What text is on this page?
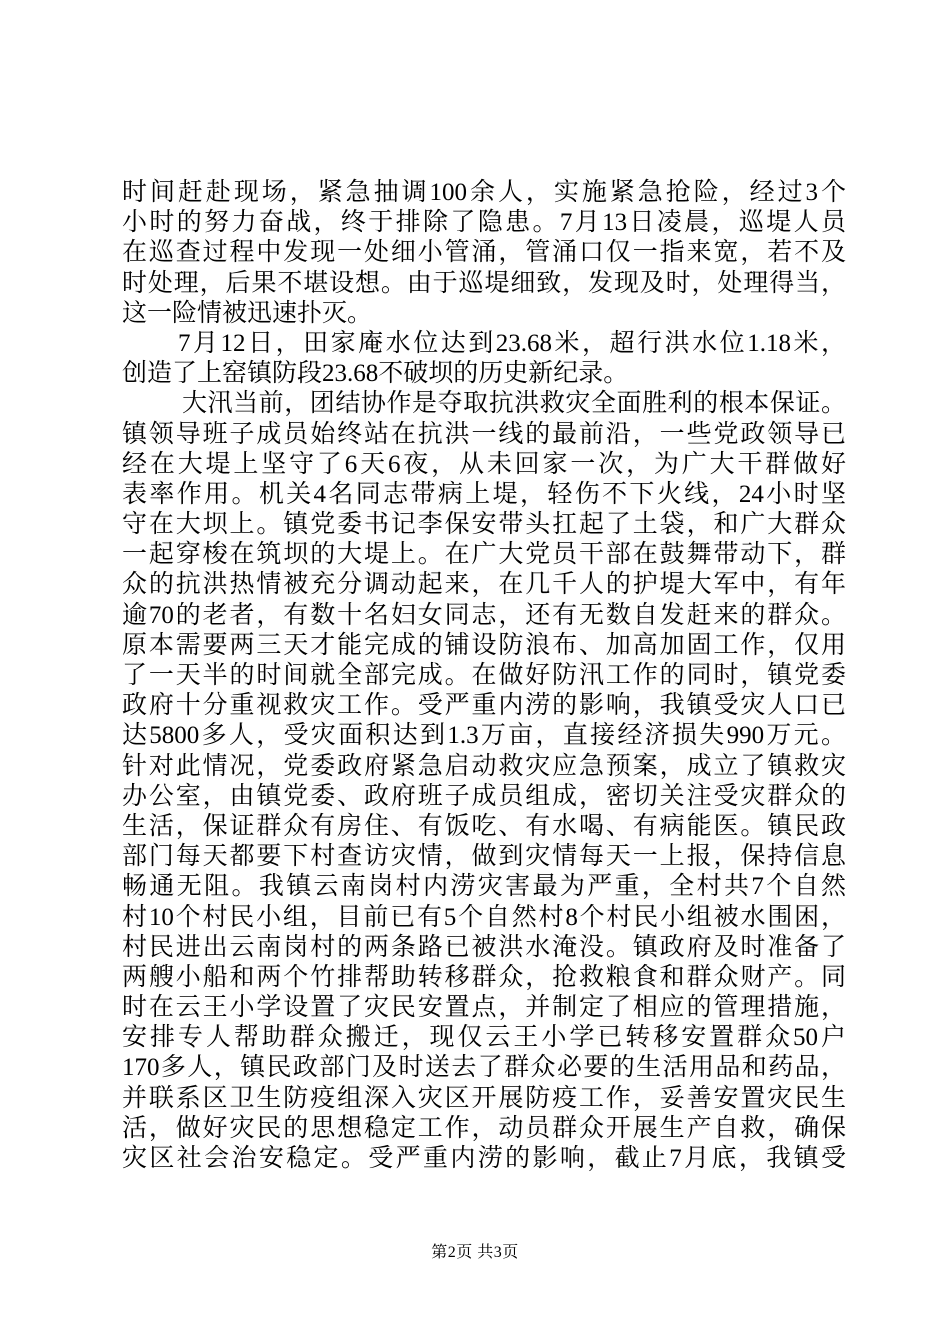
时间赶赴现场，紧急抽调100余人，实施紧急抢险，经过3个
小时的努力奋战，终于排除了隐患。7月13日凌晨，巡堤人员
在巡查过程中发现一处细小管涌，管涌口仅一指来宽，若不及
时处理，后果不堪设想。由于巡堤细致，发现及时，处理得当，
这一险情被迅速扑灭。
7月12日，田家庵水位达到23.68米，超行洪水位1.18米，
创造了上窑镇防段23.68不破坝的历史新纪录。
大汛当前，团结协作是夺取抗洪救灾全面胜利的根本保证。
镇领导班子成员始终站在抗洪一线的最前沿，一些党政领导已
经在大堤上坚守了6天6夜，从未回家一次，为广大干群做好
表率作用。机关4名同志带病上堤，轻伤不下火线，24小时坚
守在大坝上。镇党委书记李保安带头扛起了土袋，和广大群众
一起穿梭在筑坝的大堤上。在广大党员干部在鼓舞带动下，群
众的抗洪热情被充分调动起来，在几千人的护堤大军中，有年
逾70的老者，有数十名妇女同志，还有无数自发赶来的群众。
原本需要两三天才能完成的铺设防浪布、加高加固工作，仅用
了一天半的时间就全部完成。在做好防汛工作的同时，镇党委
政府十分重视救灾工作。受严重内涝的影响，我镇受灾人口已
达5800多人，受灾面积达到1.3万亩，直接经济损失990万元。
针对此情况，党委政府紧急启动救灾应急预案，成立了镇救灾
办公室，由镇党委、政府班子成员组成，密切关注受灾群众的
生活，保证群众有房住、有饭吃、有水喝、有病能医。镇民政
部门每天都要下村查访灾情，做到灾情每天一上报，保持信息
畅通无阻。我镇云南岗村内涝灾害最为严重，全村共7个自然
村10个村民小组，目前已有5个自然村8个村民小组被水围困，
村民进出云南岗村的两条路已被洪水淹没。镇政府及时准备了
两艘小船和两个竹排帮助转移群众，抢救粮食和群众财产。同
时在云王小学设置了灾民安置点，并制定了相应的管理措施，
安排专人帮助群众搬迁，现仅云王小学已转移安置群众50户
170多人，镇民政部门及时送去了群众必要的生活用品和药品，
并联系区卫生防疫组深入灾区开展防疫工作，妥善安置灾民生
活，做好灾民的思想稳定工作，动员群众开展生产自救，确保
灾区社会治安稳定。受严重内涝的影响，截止7月底，我镇受
第2页 共3页
